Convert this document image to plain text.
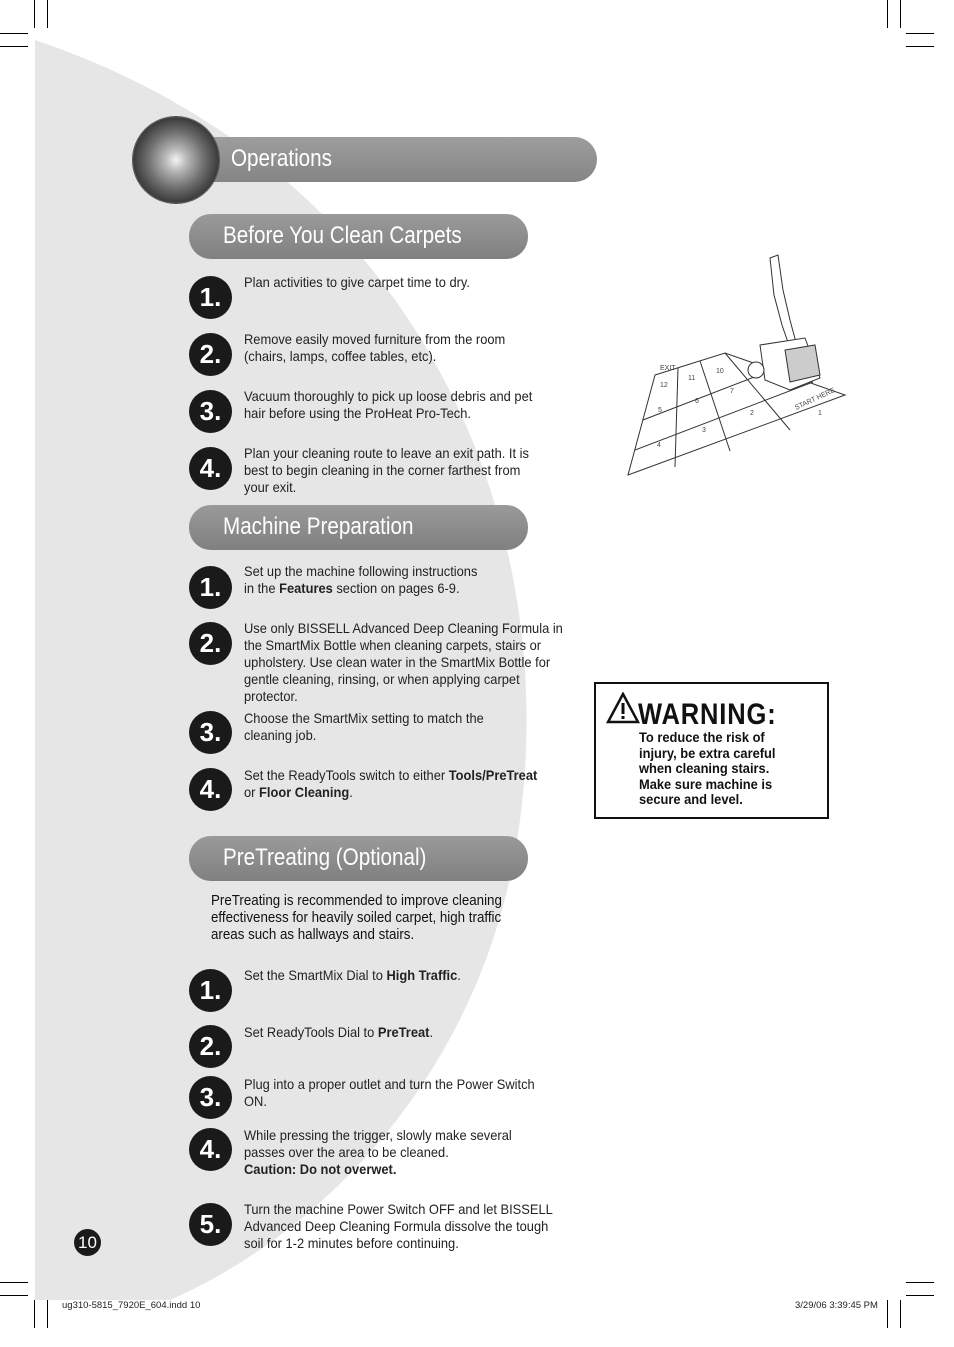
Operations
Before You Clean Carpets
1.	Plan activities to give carpet time to dry.
2.	Remove easily moved furniture from the room (chairs, lamps, coffee tables, etc).
3.	Vacuum thoroughly to pick up loose debris and pet hair before using the ProHeat Pro-Tech.
4.	Plan your cleaning route to leave an exit path. It is best to begin cleaning in the corner farthest from your exit.
Machine Preparation
1.
Set up the machine following instructions in the Features section on pages 6-9.
2.	Use only BISSELL Advanced Deep Cleaning Formula in the SmartMix Bottle when cleaning carpets, stairs or upholstery. Use clean water in the SmartMix Bottle for gentle cleaning, rinsing, or when applying carpet protector.
3.	Choose the SmartMix setting to match the cleaning job.
4.	Set the ReadyTools switch to either Tools/PreTreat or Floor Cleaning.
PreTreating (Optional)
PreTreating is recommended to improve cleaning effectiveness for heavily soiled carpet, high traffic areas such as hallways and stairs.
1.	Set the SmartMix Dial to High Traffic.
2.	Set ReadyTools Dial to PreTreat.
3.	Plug into a proper outlet and turn the Power Switch ON.
4.	While pressing the trigger, slowly make several passes over the area to be cleaned.
Caution: Do not overwet.
5.	Turn the machine Power Switch OFF and let BISSELL Advanced Deep Cleaning Formula dissolve the tough soil for 1-2 minutes before continuing.
EXIT
12
11
10
5
6
7
4
3
2	1
START HERE
WARNING:
To reduce the risk of injury, be extra careful when cleaning stairs. Make sure machine is secure and level.
10
ug310-5815_7920E_604.indd 10	3/29/06 3:39:45 PM
